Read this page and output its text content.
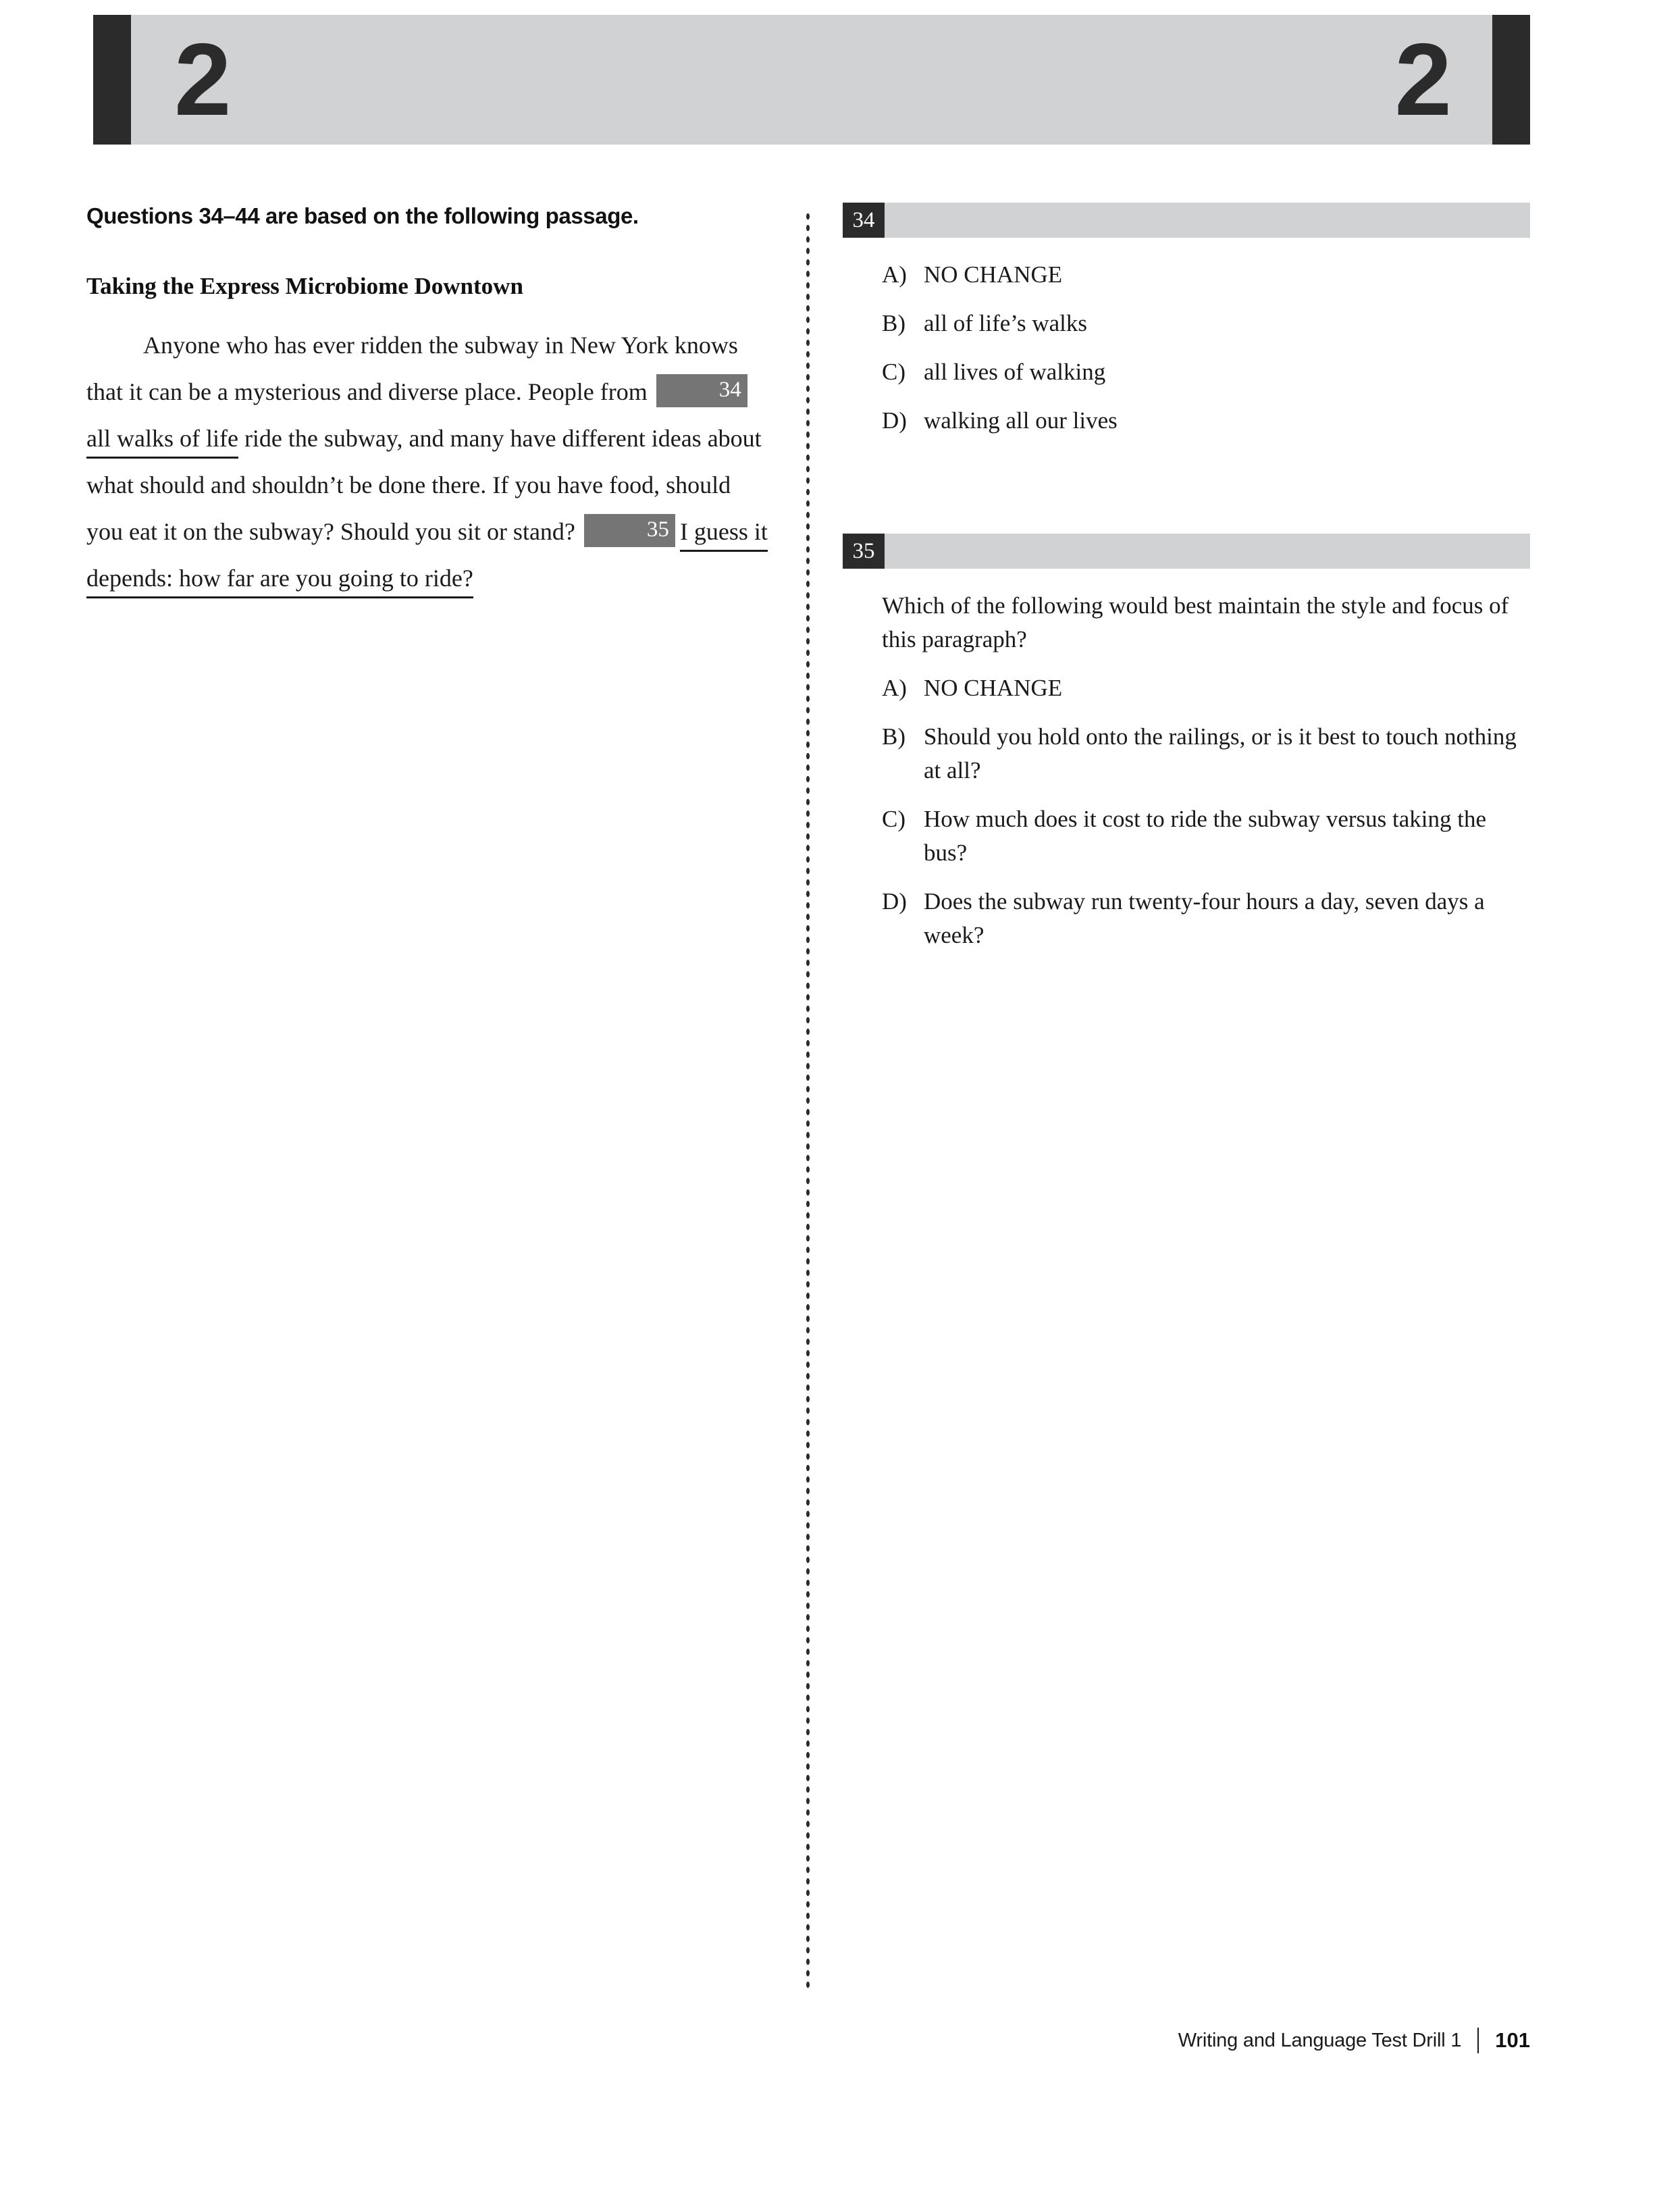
2	2
Questions 34–44 are based on the following passage.
Taking the Express Microbiome Downtown

Anyone who has ever ridden the subway in New York knows that it can be a mysterious and diverse place. People from	34all walks of life ride the subway, and many have different ideas about what should and shouldn’t be done there. If you have food, should you eat it on the subway? Should you sit or stand?	35 I guess it depends: how far are you going to ride?

34
A) NO CHANGE
B) all of life’s walks
C) all lives of walking
D) walking all our lives
35
Which of the following would best maintain the style and focus of this paragraph?
A) NO CHANGE
B) Should you hold onto the railings, or is it best to touch nothing at all?
C) How much does it cost to ride the subway versus taking the bus?
D) Does the subway run twenty-four hours a day, seven days a week?
Writing and Language Test Drill 1 101
